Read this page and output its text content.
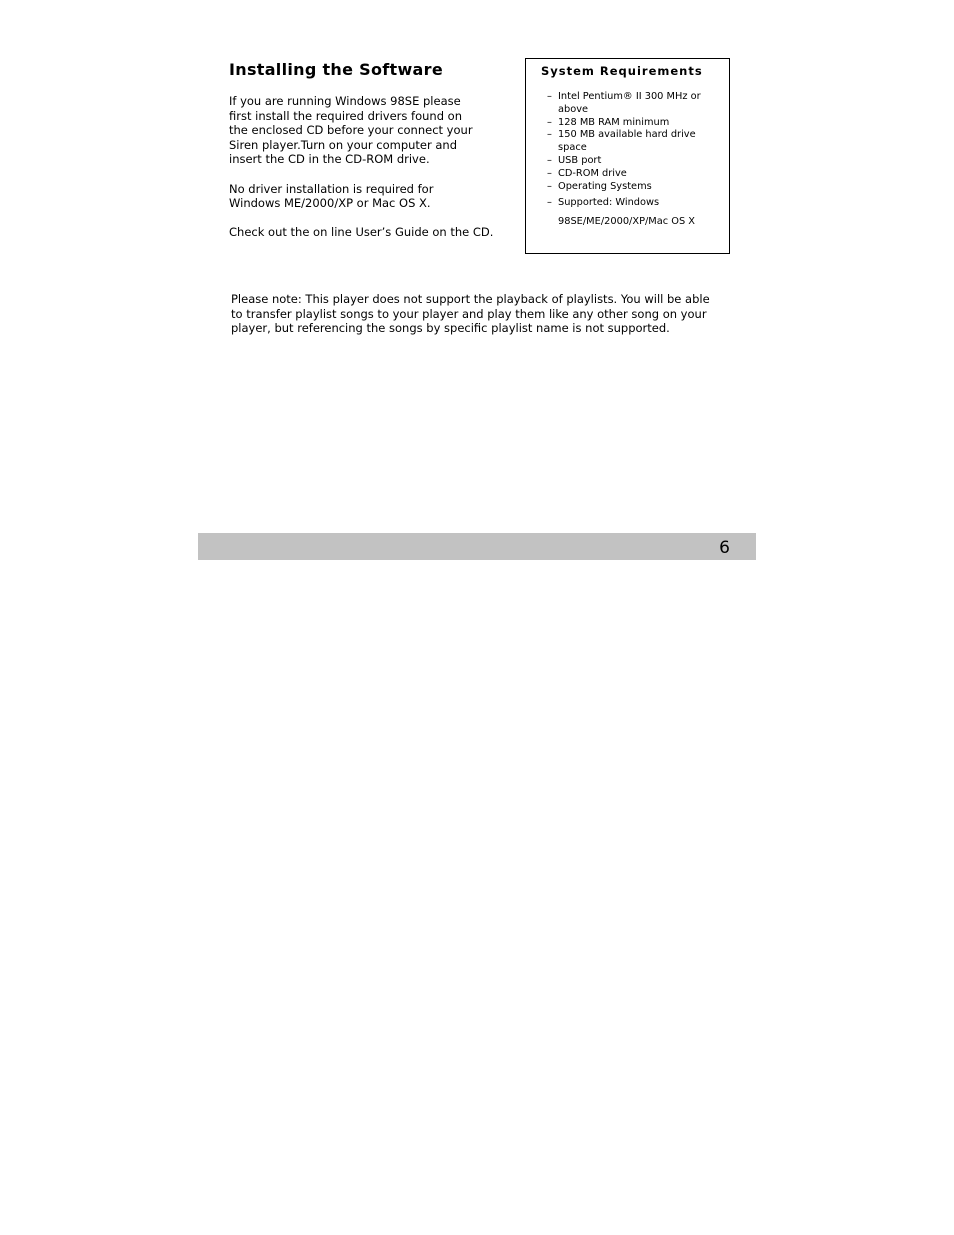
Installing the Software

If you are running Windows 98SE please
first install the required drivers found on
the enclosed CD before your connect your
Siren player.Turn on your computer and
insert the CD in the CD-ROM drive.

No driver installation is required for
Windows ME/2000/XP or Mac OS X.

Check out the on line User’s Guide on the CD.

System Requirements
– Intel Pentium® II 300 MHz or above
– 128 MB RAM minimum
– 150 MB available hard drive space
– USB port
– CD-ROM drive
– Operating Systems
– Supported: Windows
98SE/ME/2000/XP/Mac OS X

Please note: This player does not support the playback of playlists. You will be able to transfer playlist songs to your player and play them like any other song on your player, but referencing the songs by specific playlist name is not supported.

6
